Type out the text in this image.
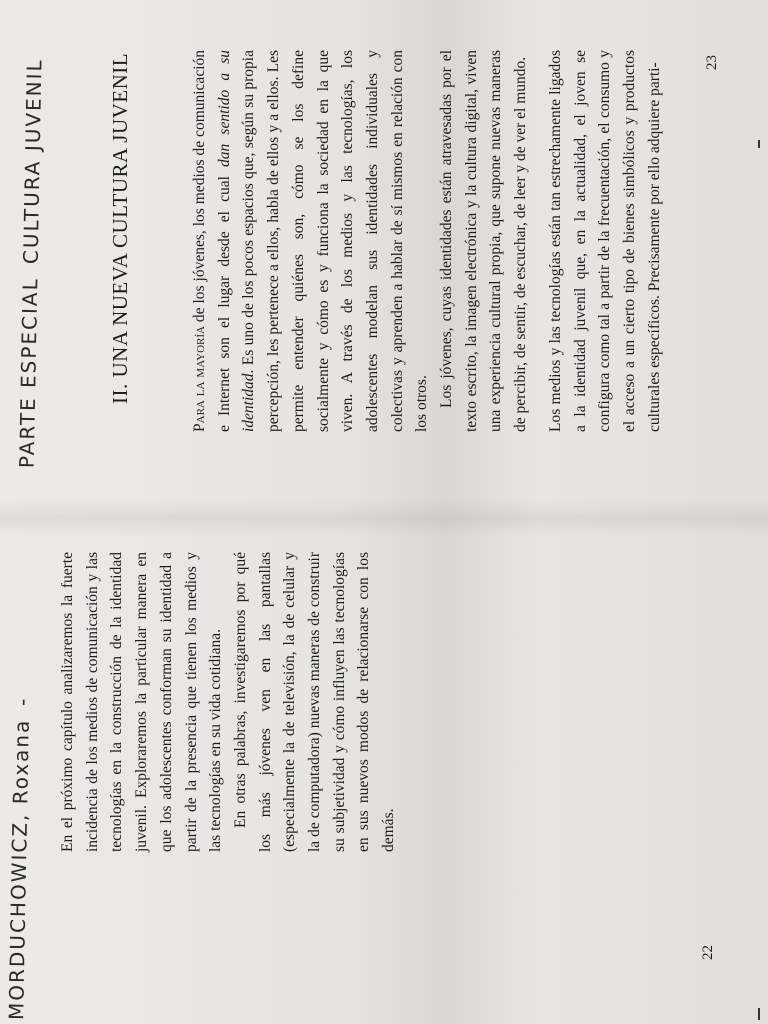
MORDUCHOWICZ, Roxana
-
PARTE ESPECIAL
CULTURA JUVENIL

En el próximo capítulo analizaremos la fuerte incidencia de los medios de comunicación y las tecnologías en la construcción de la identidad juvenil. Exploraremos la particular manera en que los adolescentes conforman su identidad a partir de la presencia que tienen los medios y las tecnologías en su vida cotidiana. En otras palabras, investigaremos por qué los más jóvenes ven en las pantallas (especialmente la de televisión, la de celular y la de computadora) nuevas maneras de construir su subjetividad y cómo influyen las tecnologías en sus nuevos modos de relacionarse con los demás.

22
II. UNA NUEVA CULTURA JUVENIL	Para la mayoría de los jóvenes, los medios de comunicación e Internet son el lugar desde el cual dan sentido a su identidad. Es uno de los pocos espacios que, según su propia percepción, les pertenece a ellos, habla de ellos y a ellos. Les permite entender quiénes son, cómo se los define socialmente y cómo es y funciona la sociedad en la que viven. A través de los medios y las tecnologías, los adolescentes modelan sus identidades individuales y colectivas y aprenden a hablar de sí mismos en relación con los otros. Los jóvenes, cuyas identidades están atravesadas por el texto escrito, la imagen electrónica y la cultura digital, viven una experiencia cultural propia, que supone nuevas maneras de percibir, de sentir, de escuchar, de leer y de ver el mundo.	Los medios y las tecnologías están tan estrechamente ligados a la identidad juvenil que, en la actualidad, el joven se configura como tal a partir de la frecuentación, el consumo y el acceso a un cierto tipo de bienes simbólicos y productos culturales específicos. Precisamente por ello adquiere parti-	23
